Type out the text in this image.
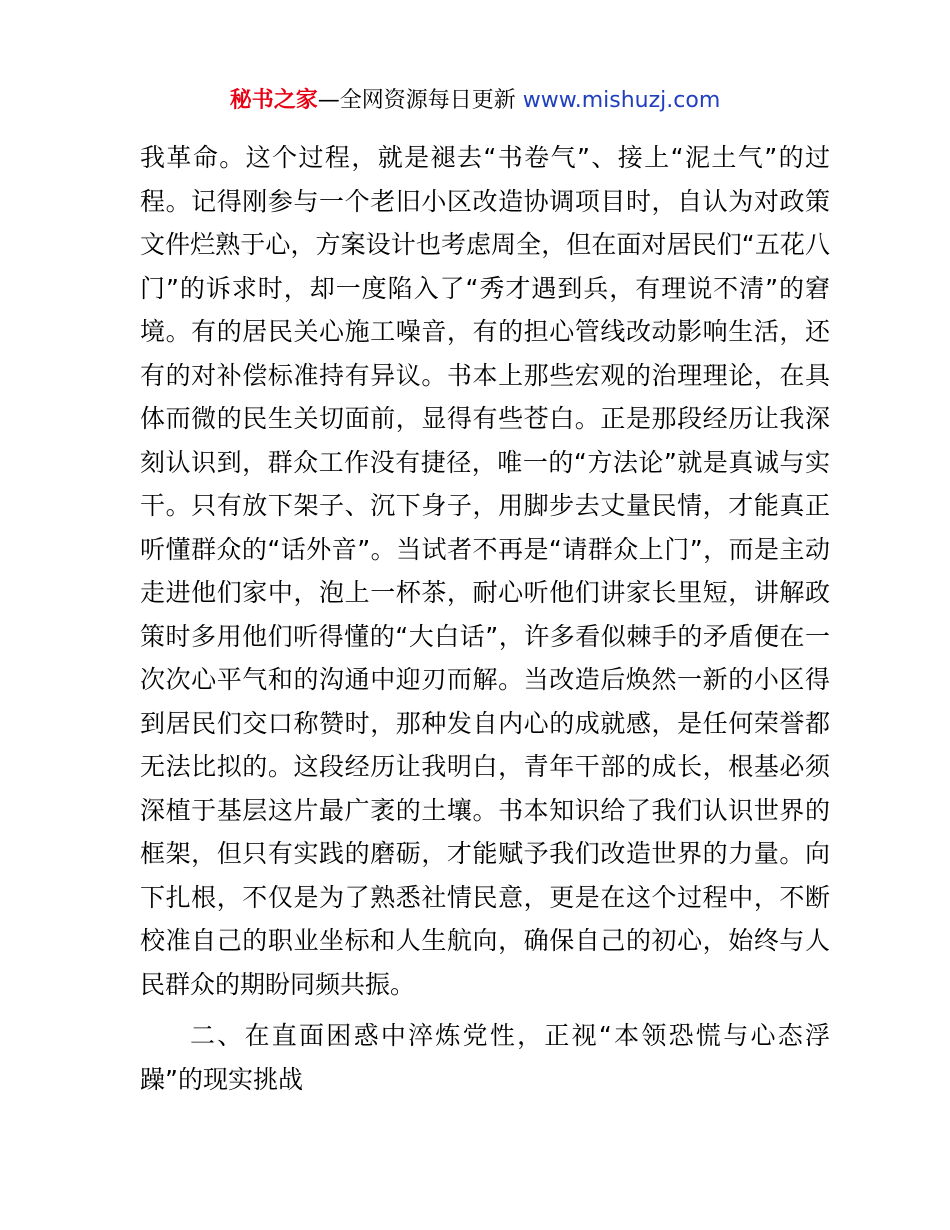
秘书之家—全网资源每日更新 www.mishuzj.com

我革命。这个过程，就是褪去“书卷气”、接上“泥土气”的过程。记得刚参与一个老旧小区改造协调项目时，自认为对政策文件烂熟于心，方案设计也考虑周全，但在面对居民们“五花八门”的诉求时，却一度陷入了“秀才遇到兵，有理说不清”的窘境。有的居民关心施工噪音，有的担心管线改动影响生活，还有的对补偿标准持有异议。书本上那些宏观的治理理论，在具体而微的民生关切面前，显得有些苍白。正是那段经历让我深刻认识到，群众工作没有捷径，唯一的“方法论”就是真诚与实干。只有放下架子、沉下身子，用脚步去丈量民情，才能真正听懂群众的“话外音”。当试者不再是“请群众上门”，而是主动走进他们家中，泡上一杯茶，耐心听他们讲家长里短，讲解政策时多用他们听得懂的“大白话”，许多看似棘手的矛盾便在一次次心平气和的沟通中迎刃而解。当改造后焕然一新的小区得到居民们交口称赞时，那种发自内心的成就感，是任何荣誉都无法比拟的。这段经历让我明白，青年干部的成长，根基必须深植于基层这片最广袤的土壤。书本知识给了我们认识世界的框架，但只有实践的磨砺，才能赋予我们改造世界的力量。向下扎根，不仅是为了熟悉社情民意，更是在这个过程中，不断校准自己的职业坐标和人生航向，确保自己的初心，始终与人民群众的期盼同频共振。

二、在直面困惑中淬炼党性，正视“本领恐慌与心态浮躁”的现实挑战
